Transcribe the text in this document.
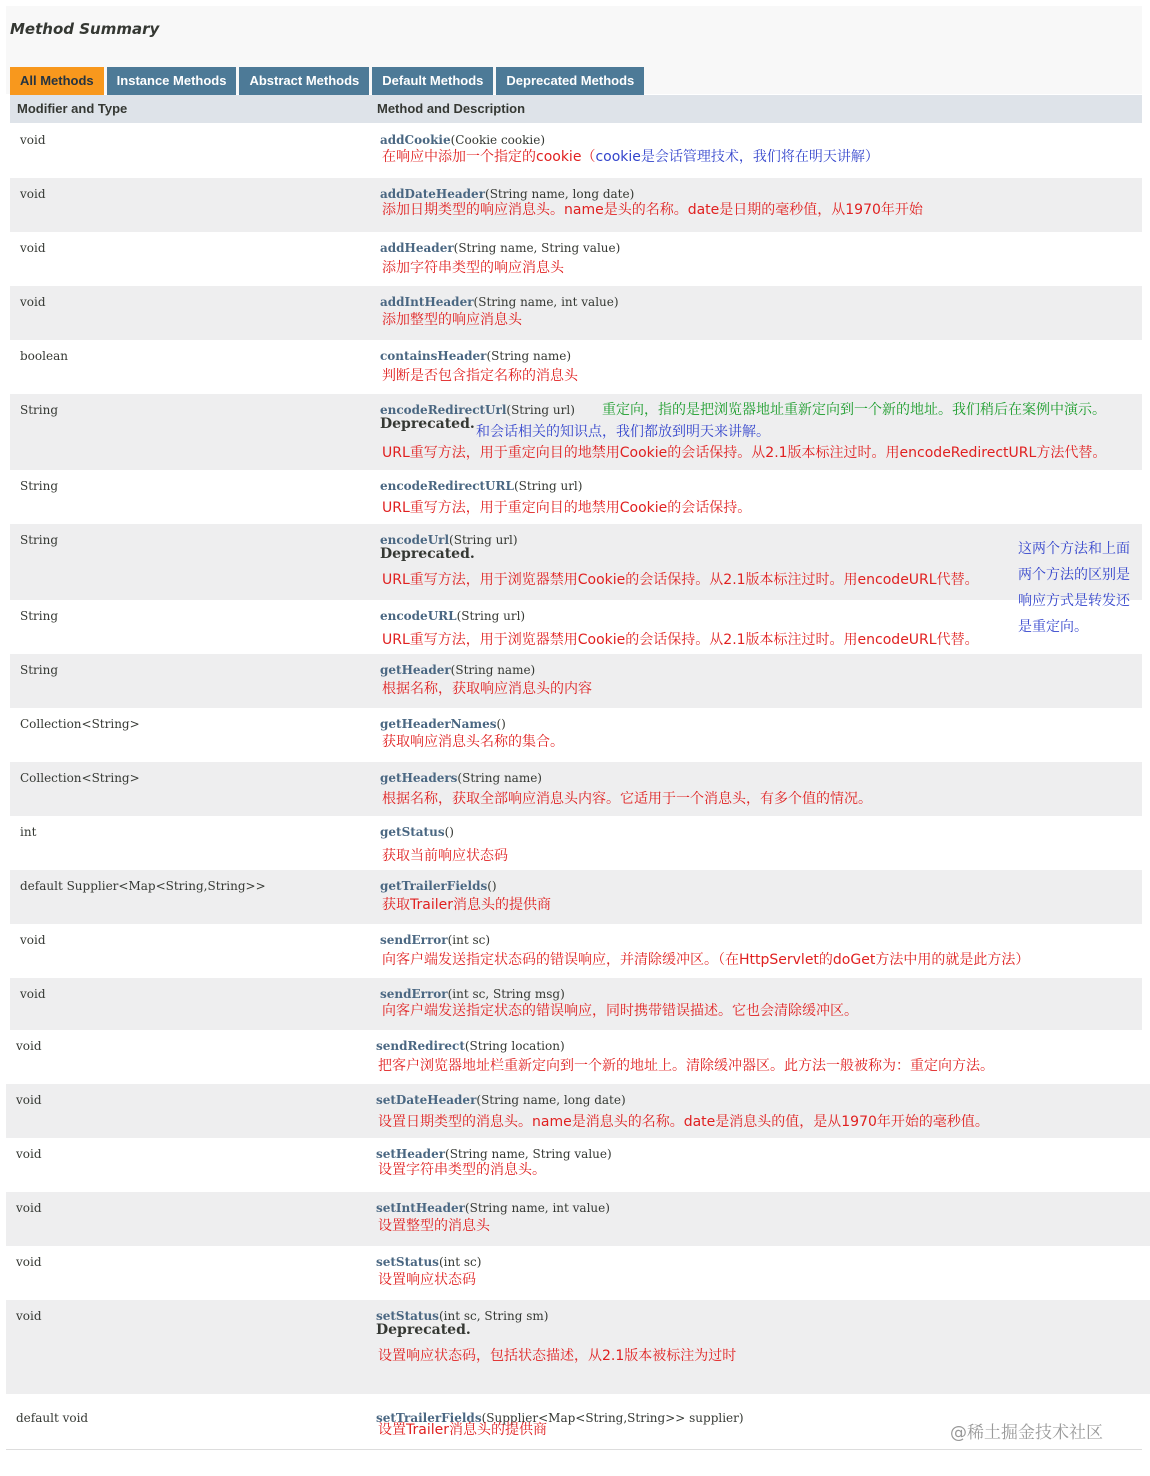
Method Summary
All Methods	Instance Methods	Abstract Methods	Default Methods	Deprecated Methods
Modifier and Type	Method and Description
void	addCookie(Cookie cookie)
在响应中添加一个指定的cookie（cookie是会话管理技术，我们将在明天讲解）
void	addDateHeader(String name, long date)
添加日期类型的响应消息头。name是头的名称。date是日期的毫秒值，从1970年开始
void	addHeader(String name, String value)
添加字符串类型的响应消息头
void	addIntHeader(String name, int value)
添加整型的响应消息头
boolean	containsHeader(String name)
判断是否包含指定名称的消息头
String	encodeRedirectUrl(String url)
Deprecated.
URL重写方法，用于重定向目的地禁用Cookie的会话保持。从2.1版本标注过时。用encodeRedirectURL方法代替。
重定向，指的是把浏览器地址重新定向到一个新的地址。我们稍后在案例中演示。
和会话相关的知识点，我们都放到明天来讲解。
String	encodeRedirectURL(String url)
URL重写方法，用于重定向目的地禁用Cookie的会话保持。
String	encodeUrl(String url)
Deprecated.
URL重写方法，用于浏览器禁用Cookie的会话保持。从2.1版本标注过时。用encodeURL代替。
String	encodeURL(String url)
URL重写方法，用于浏览器禁用Cookie的会话保持。从2.1版本标注过时。用encodeURL代替。
String	getHeader(String name)
根据名称，获取响应消息头的内容
Collection<String>	getHeaderNames()
获取响应消息头名称的集合。
Collection<String>	getHeaders(String name)
根据名称，获取全部响应消息头内容。它适用于一个消息头，有多个值的情况。
int	getStatus()
获取当前响应状态码
default Supplier<Map<String,String>>	getTrailerFields()
获取Trailer消息头的提供商
void	sendError(int sc)
向客户端发送指定状态码的错误响应，并清除缓冲区。（在HttpServlet的doGet方法中用的就是此方法）
void	sendError(int sc, String msg)
向客户端发送指定状态的错误响应，同时携带错误描述。它也会清除缓冲区。
void	sendRedirect(String location)
把客户浏览器地址栏重新定向到一个新的地址上。清除缓冲器区。此方法一般被称为：重定向方法。
void	setDateHeader(String name, long date)
设置日期类型的消息头。name是消息头的名称。date是消息头的值，是从1970年开始的毫秒值。
void	setHeader(String name, String value)
设置字符串类型的消息头。
void	setIntHeader(String name, int value)
设置整型的消息头
void	setStatus(int sc)
设置响应状态码
void	setStatus(int sc, String sm)
Deprecated.
设置响应状态码，包括状态描述，从2.1版本被标注为过时
default void	setTrailerFields(Supplier<Map<String,String>> supplier)
设置Trailer消息头的提供商
这两个方法和上面两个方法的区别是响应方式是转发还是重定向。
@稀土掘金技术社区
